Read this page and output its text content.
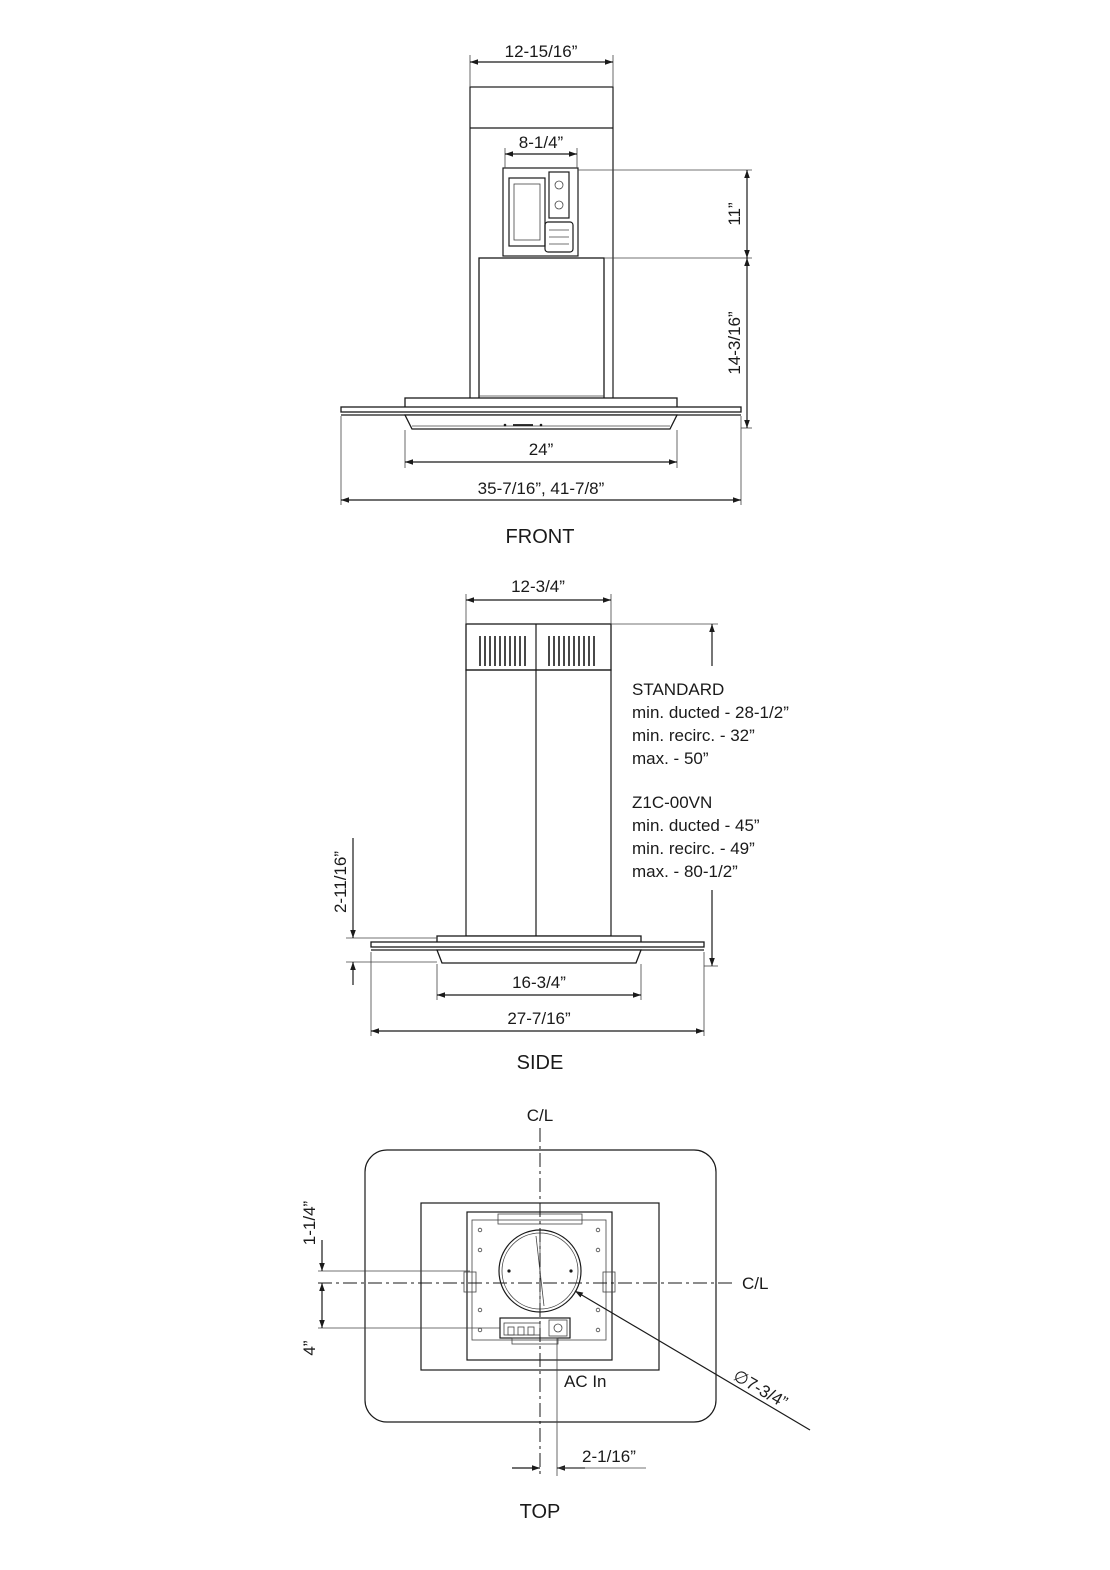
12-15/16”
8-1/4”
11”
14-3/16”
24”
35-7/16”, 41-7/8”
FRONT
12-3/4”
STANDARD
min. ducted - 28-1/2”
min. recirc. - 32”
max. - 50”
Z1C-00VN
min. ducted - 45”
min. recirc. - 49”
max. - 80-1/2”
2-11/16”
16-3/4”
27-7/16”
SIDE
C/L
C/L
1-1/4”
4”
AC In	∅7-3/4”
2-1/16”
TOP
